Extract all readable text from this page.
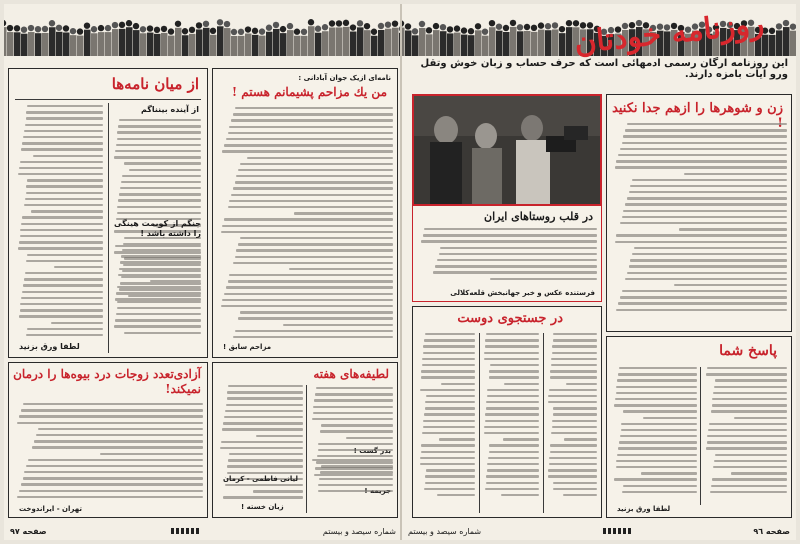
از میان نامه‌ها
از آینده بینناگم
جنگم از کوبمت هینگی را داشته باشد !
لطفا ورق بزنید
نامه‌ای ازیک جوان آبادانی :
من یك مزاحم پشیمانم هستم !
مزاحم سابق !
آزادی‌تعدد زوجات درد بیوه‌ها را درمان نمیکند!
تهران - ایراندوخت
لطیفه‌های هفته
لیانی فاطمی - کرمان
زبان خسته !
صفحه ٩٧	شماره سیصد و بیستم
روزنامه خودتان
این روزنامه ارگان رسمی ادمهائی است که حرف حساب و زبان خوش وتقل ورو ایات بامزه دارند.
زن و شوهرها را ازهم جدا نکنید
در قلب روستاهای ایران
فرستنده عکس و خبر جهانبخش قلعه‌کلالی
در جستجوی دوست
پاسخ شما
لطفا ورق بزنید
شماره سیصد و بیستم	صفحه ٩٦
